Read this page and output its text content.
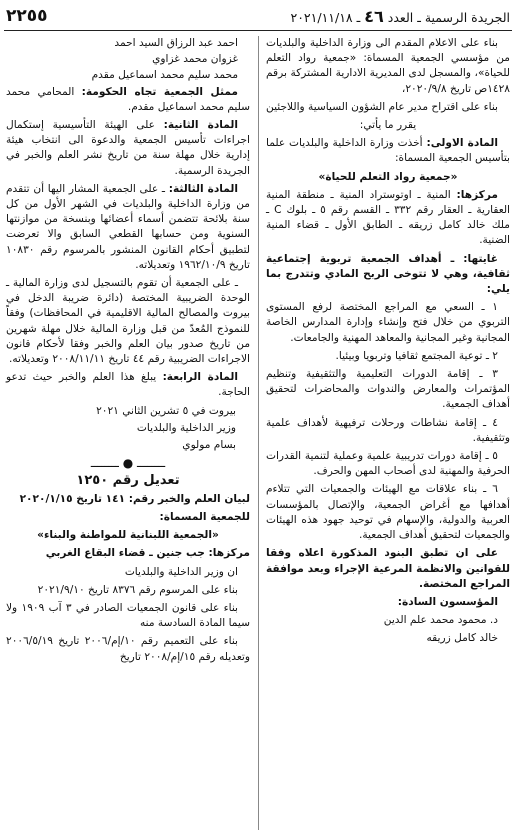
الجريدة الرسمية ـ العدد ٤٦ ـ ٢٠٢١/١١/١٨
٢٢٥٥

بناء على الاعلام المقدم الى وزارة الداخلية والبلديات من مؤسسي الجمعية المسماة: «جمعية رواد التعلم للحياة»، والمسجل لدى المديرية الادارية المشتركة برقم ١٤٢٨ص تاريخ ٢٠٢٠/٩/٨،

بناء على اقتراح مدير عام الشؤون السياسية واللاجئين

يقرر ما يأتي:

المادة الاولى: أخذت وزارة الداخلية والبلديات علما بتأسيس الجمعية المسماة:

«جمعية رواد التعلم للحياة»

مركزها: المنية ـ اوتوستراد المنية ـ منطقة المنية العقارية ـ العقار رقم ٣٣٢ ـ القسم رقم ٥ ـ بلوك C ـ ملك خالد كامل زريقه ـ الطابق الأول ـ قضاء المنية الضنية.

غايتها: ـ أهداف الجمعية تربوية إجتماعية ثقافية، وهي لا تتوخى الربح المادي وتتدرج بما يلي:

١ ـ السعي مع المراجع المختصة لرفع المستوى التربوي من خلال فتح وإنشاء وإدارة المدارس الخاصة المجانية وغير المجانية والمعاهد المهنية والجامعات.

٢ ـ توعية المجتمع ثقافيا وتربويا وبيئيا.

٣ ـ إقامة الدورات التعليمية والتثقيفية وتنظيم المؤتمرات والمعارض والندوات والمحاضرات لتحقيق أهداف الجمعية.

٤ ـ إقامة نشاطات ورحلات ترفيهية لأهداف علمية وتثقيفية.

٥ ـ إقامة دورات تدريبية علمية وعملية لتنمية القدرات الحرفية والمهنية لدى أصحاب المهن والحرف.

٦ ـ بناء علاقات مع الهيئات والجمعيات التي تتلاءم أهدافها مع أغراض الجمعية، والإتصال بالمؤسسات العربية والدولية، والإسهام في توحيد جهود هذه الهيئات والجمعيات لتحقيق أهداف الجمعية.

على ان تطبق البنود المذكورة اعلاه وفقا للقوانين والانظمة المرعية الإجراء وبعد موافقة المراجع المختصة.

المؤسسون السادة:

د. محمود محمد علم الدين

خالد كامل زريقه

احمد عبد الرزاق السيد احمد

غزوان محمد غزاوي

محمد سليم محمد اسماعيل مقدم

ممثل الجمعية تجاه الحكومة: المحامي محمد سليم محمد اسماعيل مقدم.

المادة الثانية: على الهيئة التأسيسية إستكمال اجراءات تأسيس الجمعية والدعوة الى انتخاب هيئة إدارية خلال مهلة سنة من تاريخ نشر العلم والخبر في الجريدة الرسمية.

المادة الثالثة: ـ على الجمعية المشار اليها أن تتقدم من وزارة الداخلية والبلديات في الشهر الأول من كل سنة بلائحة تتضمن أسماء أعضائها وبنسخة من موازنتها السنوية ومن حسابها القطعي السابق والا تعرضت لتطبيق أحكام القانون المنشور بالمرسوم رقم ١٠٨٣٠ تاريخ ١٩٦٢/١٠/٩ وتعديلاته.

ـ على الجمعية أن تقوم بالتسجيل لدى وزارة المالية ـ الوحدة الضريبية المختصة (دائرة ضريبة الدخل في بيروت والمصالح المالية الاقليمية في المحافظات) وفقاً للنموذج المُعدّ من قبل وزارة المالية خلال مهلة شهرين من تاريخ صدور بيان العلم والخبر وفقا لأحكام قانون الاجراءات الضريبية رقم ٤٤ تاريخ ٢٠٠٨/١١/١١ وتعديلاته.

المادة الرابعة: يبلغ هذا العلم والخبر حيث تدعو الحاجة.

بيروت في ٥ تشرين الثاني ٢٠٢١

وزير الداخلية والبلديات

بسام مولوي

ــــــــ ● ــــــــ
تعديل رقم ١٢٥٠

لبيان العلم والخبر رقم: ١٤١ تاريخ ٢٠٢٠/١/١٥

للجمعية المسماة:

«الجمعية اللبنانية للمواطنة والبناء»

مركزها: جب جنين ـ قضاء البقاع الغربي

ان وزير الداخلية والبلديات

بناء على المرسوم رقم ٨٣٧٦ تاريخ ٢٠٢١/٩/١٠

بناء على قانون الجمعيات الصادر في ٣ آب ١٩٠٩ ولا سيما المادة السادسة منه

بناء على التعميم رقم ١٠/إم/٢٠٠٦ تاريخ ٢٠٠٦/٥/١٩ وتعديله رقم ١٥/إم/٢٠٠٨ تاريخ
